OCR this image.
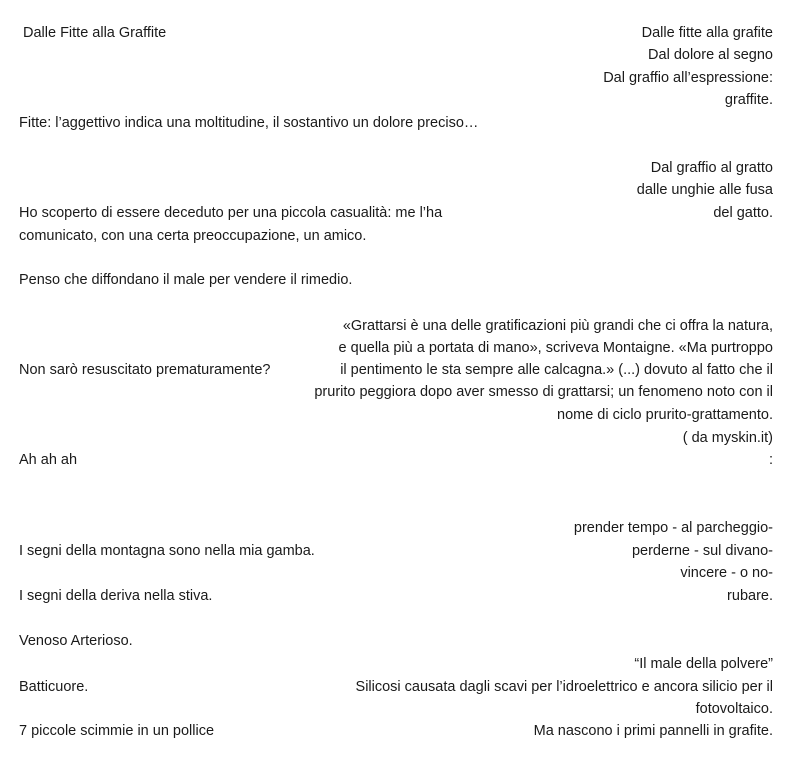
Dalle Fitte alla Graffite	Dalle fitte alla grafite
Dal dolore al segno
Dal graffio all’espressione:
graffite.
Fitte: l’aggettivo indica una moltitudine, il sostantivo un dolore preciso…
Dal graffio al gratto
dalle unghie alle fusa
del gatto.
Ho scoperto di essere deceduto per una piccola casualità: me l’ha
comunicato, con una certa preoccupazione, un amico.
Penso che diffondano il male per vendere il rimedio.
«Grattarsi è una delle gratificazioni più grandi che ci offra la natura,
e quella più a portata di mano», scriveva Montaigne. «Ma purtroppo
il pentimento le sta sempre alle calcagna.» (...) dovuto al fatto che il
prurito peggiora dopo aver smesso di grattarsi; un fenomeno noto con il
nome di ciclo prurito-grattamento.
( da myskin.it)
:
Non sarò resuscitato prematuramente?
Ah ah ah
prender tempo - al parcheggio-
perderne - sul divano-
vincere - o no-
rubare.
I segni della montagna sono nella mia gamba.
I segni della deriva nella stiva.
Venoso Arterioso.
Batticuore.
7 piccole scimmie in un pollice
“Il male della polvere”
Silicosi causata dagli scavi per l’idroelettrico e ancora silicio per il
fotovoltaico.
Ma nascono i primi pannelli in grafite.
